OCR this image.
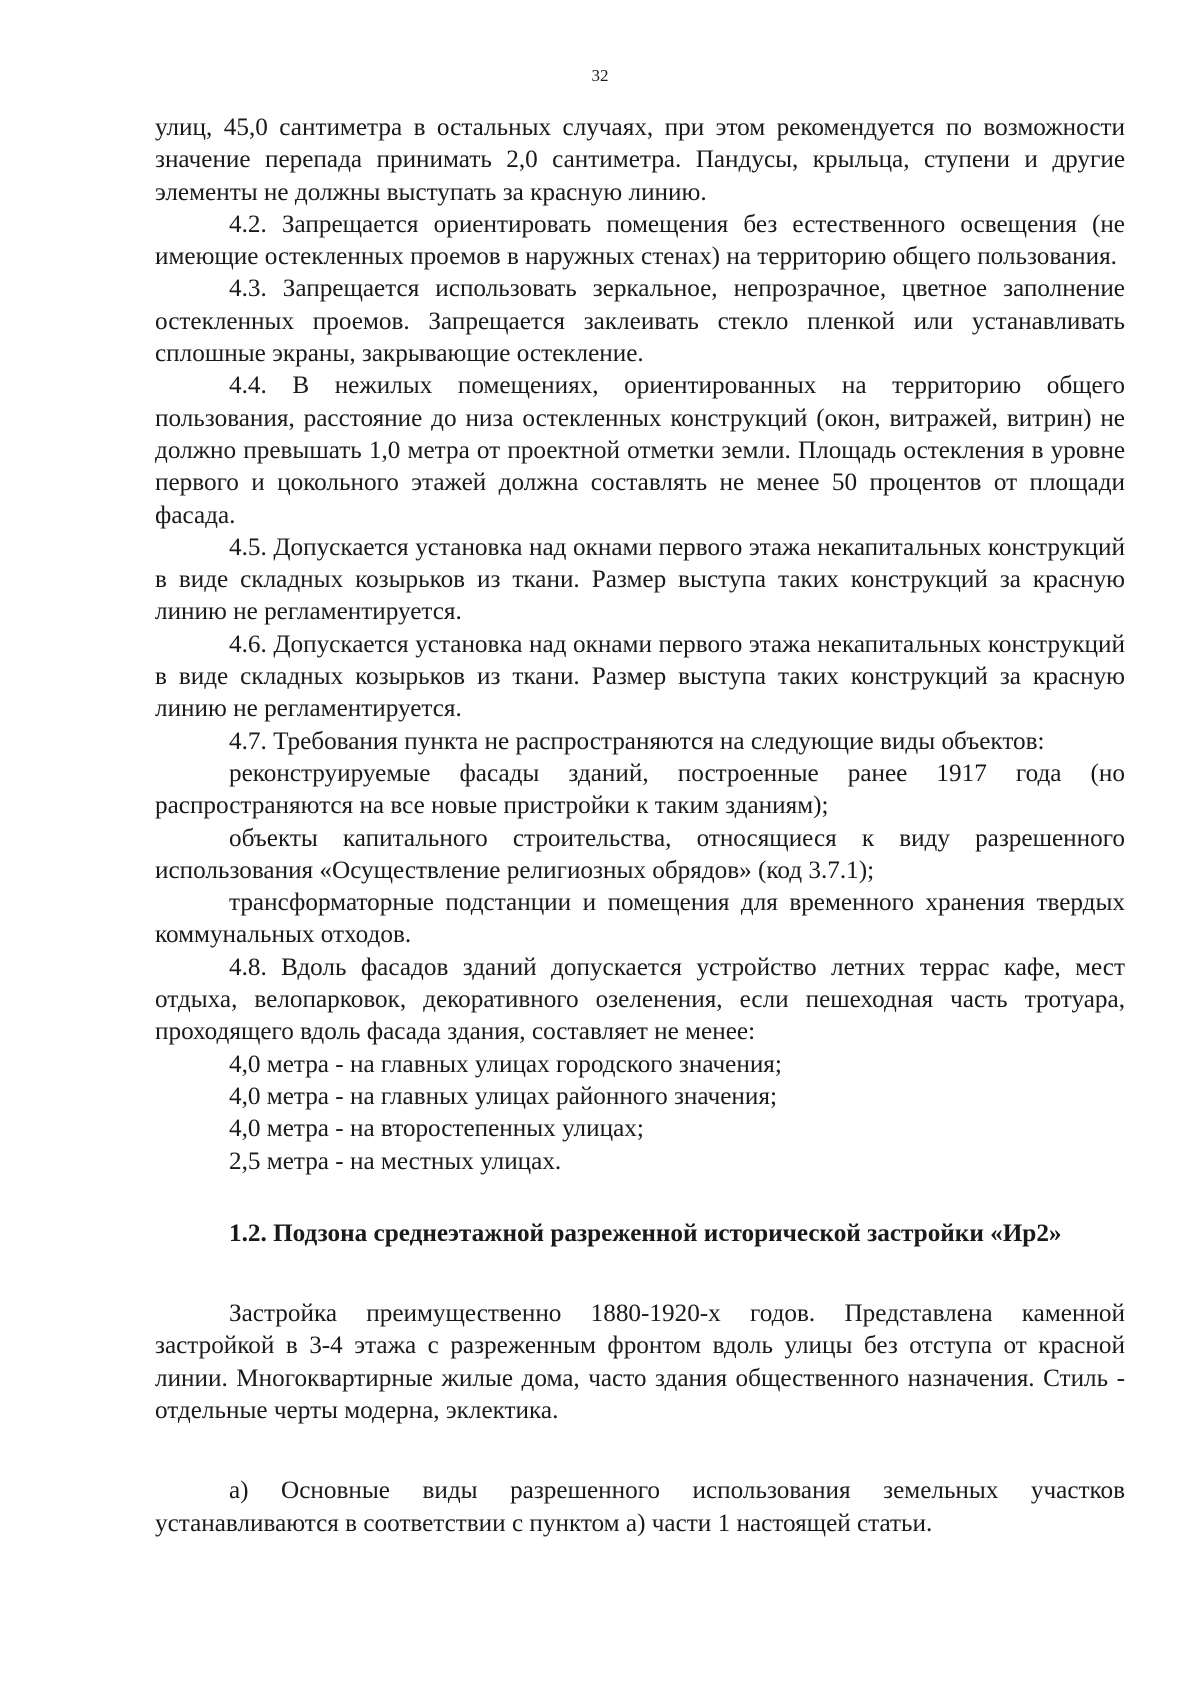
32

улиц, 45,0 сантиметра в остальных случаях, при этом рекомендуется по возможности значение перепада принимать 2,0 сантиметра. Пандусы, крыльца, ступени и другие элементы не должны выступать за красную линию.

4.2. Запрещается ориентировать помещения без естественного освещения (не имеющие остекленных проемов в наружных стенах) на территорию общего пользования.

4.3. Запрещается использовать зеркальное, непрозрачное, цветное заполнение остекленных проемов. Запрещается заклеивать стекло пленкой или устанавливать сплошные экраны, закрывающие остекление.

4.4. В нежилых помещениях, ориентированных на территорию общего пользования, расстояние до низа остекленных конструкций (окон, витражей, витрин) не должно превышать 1,0 метра от проектной отметки земли. Площадь остекления в уровне первого и цокольного этажей должна составлять не менее 50 процентов от площади фасада.

4.5. Допускается установка над окнами первого этажа некапитальных конструкций в виде складных козырьков из ткани. Размер выступа таких конструкций за красную линию не регламентируется.

4.6. Допускается установка над окнами первого этажа некапитальных конструкций в виде складных козырьков из ткани. Размер выступа таких конструкций за красную линию не регламентируется.

4.7. Требования пункта не распространяются на следующие виды объектов:

реконструируемые фасады зданий, построенные ранее 1917 года (но распространяются на все новые пристройки к таким зданиям);

объекты капитального строительства, относящиеся к виду разрешенного использования «Осуществление религиозных обрядов» (код 3.7.1);

трансформаторные подстанции и помещения для временного хранения твердых коммунальных отходов.

4.8. Вдоль фасадов зданий допускается устройство летних террас кафе, мест отдыха, велопарковок, декоративного озеленения, если пешеходная часть тротуара, проходящего вдоль фасада здания, составляет не менее:

4,0 метра - на главных улицах городского значения;

4,0 метра - на главных улицах районного значения;

4,0 метра - на второстепенных улицах;

2,5 метра - на местных улицах.

1.2. Подзона среднеэтажной разреженной исторической застройки «Ир2»

Застройка преимущественно 1880-1920-х годов. Представлена каменной застройкой в 3-4 этажа с разреженным фронтом вдоль улицы без отступа от красной линии. Многоквартирные жилые дома, часто здания общественного назначения. Стиль - отдельные черты модерна, эклектика.

а) Основные виды разрешенного использования земельных участков устанавливаются в соответствии с пунктом а) части 1 настоящей статьи.
